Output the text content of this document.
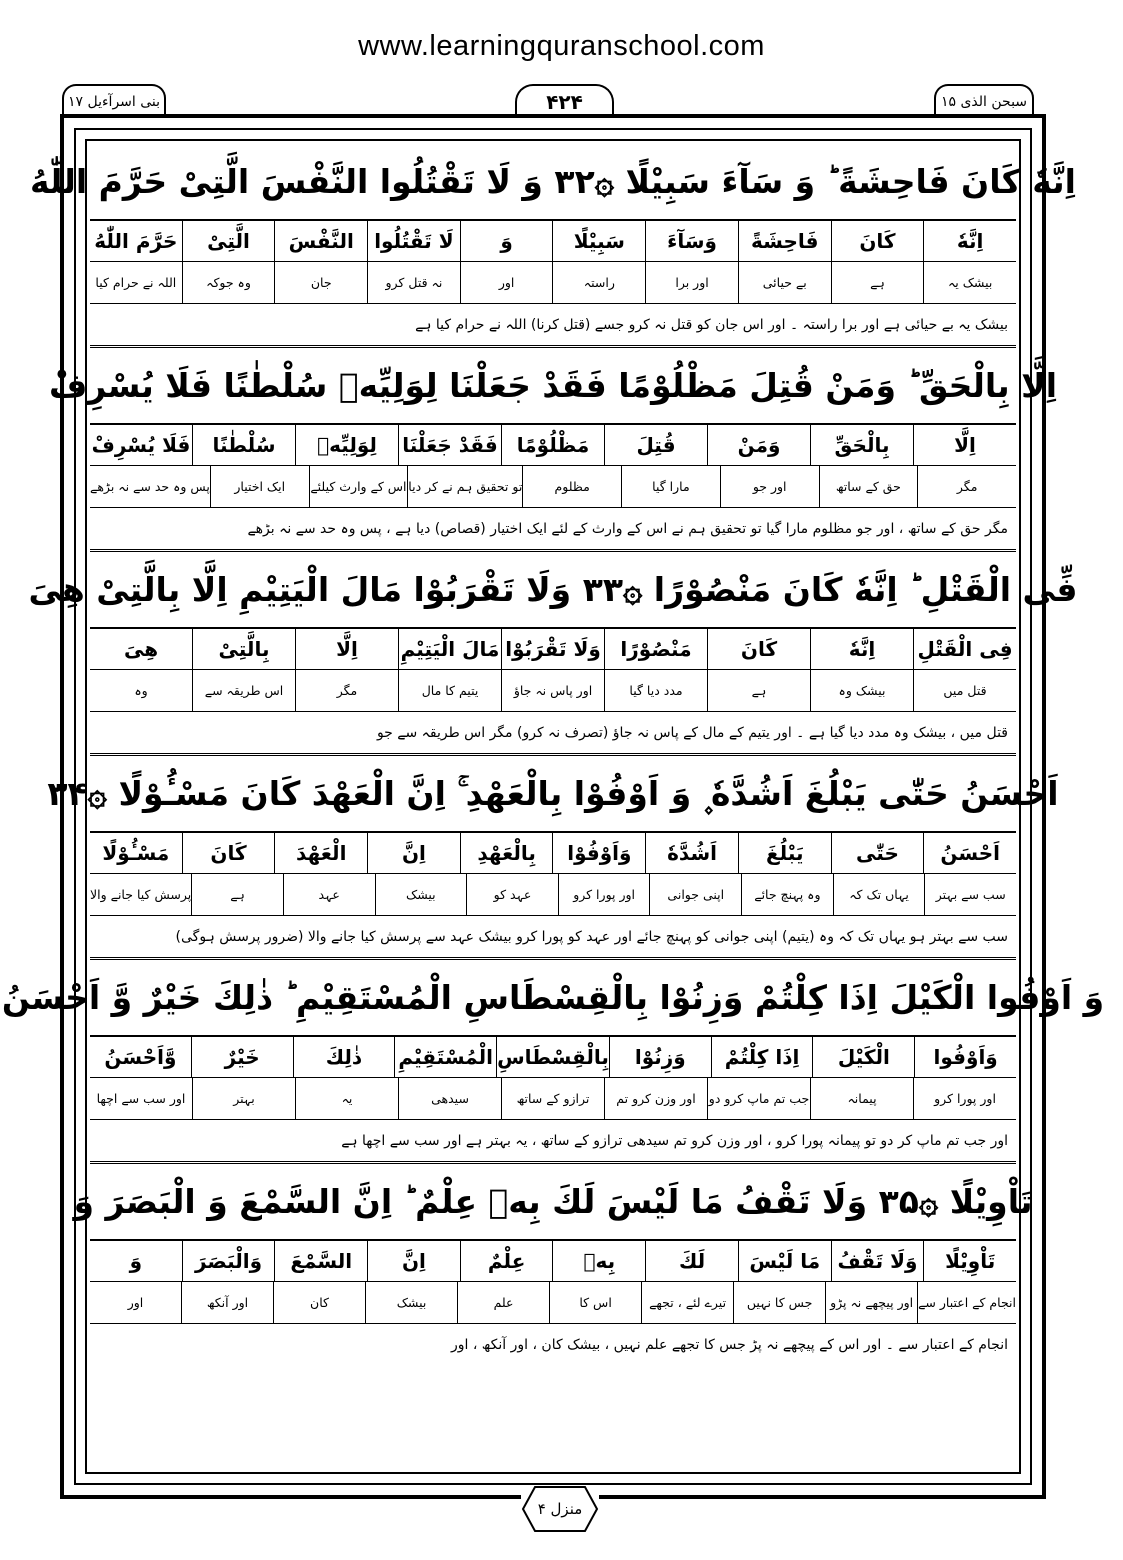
www.learningquranschool.com
بنی اسرآءیل ۱۷	۴۲۴	سبحن الذی ۱۵
اِنَّهٗ كَانَ فَاحِشَةً ؕ وَ سَآءَ سَبِيْلًا ۞۳۲ وَ لَا تَقْتُلُوا النَّفْسَ الَّتِىْ حَرَّمَ اللّٰهُ
اِنَّهٗ
كَانَ
فَاحِشَةً
وَسَآءَ
سَبِيْلًا
وَ
لَا تَقْتُلُوا
النَّفْسَ
الَّتِىْ
حَرَّمَ اللّٰهُ
بیشک یہ
ہے
بے حیائی
اور برا
راستہ
اور
نہ قتل کرو
جان
وہ جوکہ
اللہ نے حرام کیا
بیشک یہ بے حیائی ہے اور برا راستہ ۔ اور اس جان کو قتل نہ کرو جسے (قتل کرنا) اللہ نے حرام کیا ہے
اِلَّا بِالْحَقِّ ؕ وَمَنْ قُتِلَ مَظْلُوْمًا فَقَدْ جَعَلْنَا لِوَلِيِّهٖ سُلْطٰنًا فَلَا يُسْرِفْ
اِلَّا
بِالْحَقِّ
وَمَنْ
قُتِلَ
مَظْلُوْمًا
فَقَدْ جَعَلْنَا
لِوَلِيِّهٖ
سُلْطٰنًا
فَلَا يُسْرِفْ
مگر
حق کے ساتھ
اور جو
مارا گیا
مظلوم
تو تحقیق ہم نے کر دیا
اس کے وارث کیلئے
ایک اختیار
پس وہ حد سے نہ بڑھے
مگر حق کے ساتھ ، اور جو مظلوم مارا گیا تو تحقیق ہم نے اس کے وارث کے لئے ایک اختیار (قصاص) دیا ہے ، پس وہ حد سے نہ بڑھے
فِّى الْقَتْلِ ؕ اِنَّهٗ كَانَ مَنْصُوْرًا ۞۳۳ وَلَا تَقْرَبُوْا مَالَ الْيَتِيْمِ اِلَّا بِالَّتِىْ هِىَ
فِى الْقَتْلِ
اِنَّهٗ
كَانَ
مَنْصُوْرًا
وَلَا تَقْرَبُوْا
مَالَ الْيَتِيْمِ
اِلَّا
بِالَّتِىْ
هِىَ
قتل میں
بیشک وہ
ہے
مدد دیا گیا
اور پاس نہ جاؤ
یتیم کا مال
مگر
اس طریقہ سے
وہ
قتل میں ، بیشک وہ مدد دیا گیا ہے ۔ اور یتیم کے مال کے پاس نہ جاؤ (تصرف نہ کرو) مگر اس طریقہ سے جو
اَحْسَنُ حَتّٰى يَبْلُغَ اَشُدَّهٗ ۪ وَ اَوْفُوْا بِالْعَهْدِ ۚ اِنَّ الْعَهْدَ كَانَ مَسْـُٔوْلًا ۞۳۴
اَحْسَنُ
حَتّٰى
يَبْلُغَ
اَشُدَّهٗ
وَاَوْفُوْا
بِالْعَهْدِ
اِنَّ
الْعَهْدَ
كَانَ
مَسْـُٔوْلًا
سب سے بہتر
یہاں تک کہ
وہ پہنچ جائے
اپنی جوانی
اور پورا کرو
عہد کو
بیشک
عہد
ہے
پرسش کیا جانے والا
سب سے بہتر ہو یہاں تک کہ وہ (یتیم) اپنی جوانی کو پہنچ جائے اور عہد کو پورا کرو بیشک عہد سے پرسش کیا جانے والا (ضرور پرسش ہوگی)
وَ اَوْفُوا الْكَيْلَ اِذَا كِلْتُمْ وَزِنُوْا بِالْقِسْطَاسِ الْمُسْتَقِيْمِ ؕ ذٰلِكَ خَيْرٌ وَّ اَحْسَنُ
وَاَوْفُوا
الْكَيْلَ
اِذَا كِلْتُمْ
وَزِنُوْا
بِالْقِسْطَاسِ
الْمُسْتَقِيْمِ
ذٰلِكَ
خَيْرٌ
وَّاَحْسَنُ
اور پورا کرو
پیمانہ
جب تم ماپ کرو دو
اور وزن کرو تم
ترازو کے ساتھ
سیدھی
یہ
بہتر
اور سب سے اچھا
اور جب تم ماپ کر دو تو پیمانہ پورا کرو ، اور وزن کرو تم سیدھی ترازو کے ساتھ ، یہ بہتر ہے اور سب سے اچھا ہے
تَاْوِيْلًا ۞۳۵ وَلَا تَقْفُ مَا لَيْسَ لَكَ بِهٖ عِلْمٌ ؕ اِنَّ السَّمْعَ وَ الْبَصَرَ وَ
تَاْوِيْلًا
وَلَا تَقْفُ
مَا لَيْسَ
لَكَ
بِهٖ
عِلْمٌ
اِنَّ
السَّمْعَ
وَالْبَصَرَ
وَ
انجام کے اعتبار سے
اور پیچھے نہ پڑو
جس کا نہیں
تیرے لئے ، تجھے
اس کا
علم
بیشک
کان
اور آنکھ
اور
انجام کے اعتبار سے ۔ اور اس کے پیچھے نہ پڑ جس کا تجھے علم نہیں ، بیشک کان ، اور آنکھ ، اور
منزل ۴
